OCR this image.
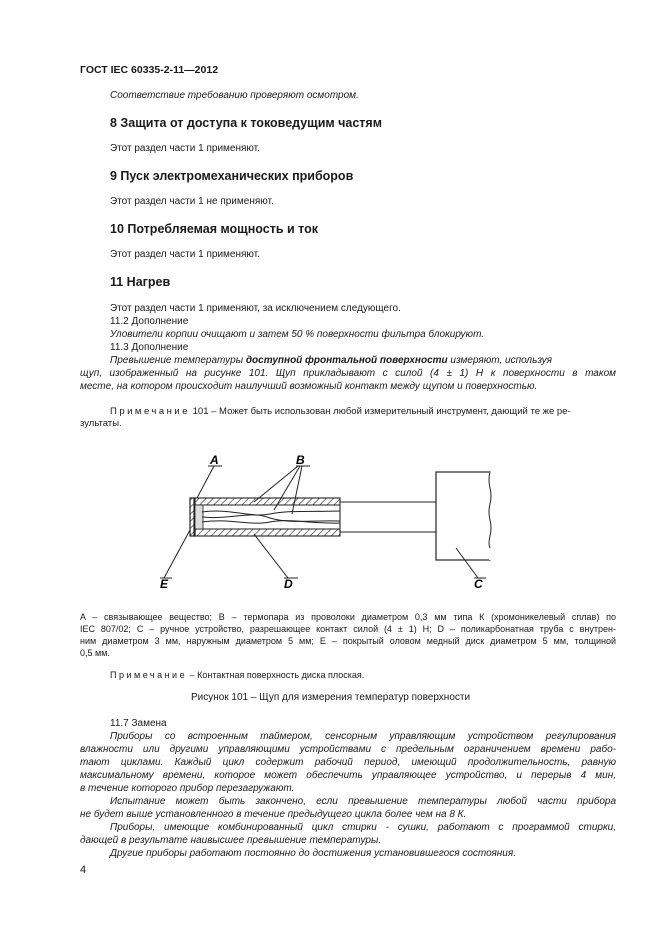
ГОСТ IEC 60335-2-11—2012
Соответствие требованию проверяют осмотром.
8 Защита от доступа к токоведущим частям
Этот раздел части 1 применяют.
9 Пуск электромеханических приборов
Этот раздел части 1 не применяют.
10 Потребляемая мощность и ток
Этот раздел части 1 применяют.
11 Нагрев
Этот раздел части 1 применяют, за исключением следующего.
11.2 Дополнение
Уловители корпии очищают и затем 50 % поверхности фильтра блокируют.
11.3 Дополнение
Превышение температуры доступной фронтальной поверхности измеряют, используя
щуп, изображенный на рисунке 101. Щуп прикладывают с силой (4 ± 1) Н к поверхности в таком
месте, на котором происходит наилучший возможный контакт между щупом и поверхностью.
Примечание 101 – Может быть использован любой измерительный инструмент, дающий те же ре-
зультаты.
A	B
E	D	C
A – связывающее вещество; B – термопара из проволоки диаметром 0,3 мм типа К (хромоникелевый сплав) по
IEC 807/02; C – ручное устройство, разрешающее контакт силой (4 ± 1) Н; D – поликарбонатная труба с внутрен-
ним диаметром 3 мм, наружным диаметром 5 мм; E – покрытый оловом медный диск диаметром 5 мм, толщиной
0,5 мм.
Примечание – Контактная поверхность диска плоская.
Рисунок 101 – Щуп для измерения температур поверхности
11.7 Замена
Приборы со встроенным таймером, сенсорным управляющим устройством регулирования
влажности или другими управляющими устройствами с предельным ограничением времени рабо-
тают циклами. Каждый цикл содержит рабочий период, имеющий продолжительность, равную
максимальному времени, которое может обеспечить управляющее устройство, и перерыв 4 мин,
в течение которого прибор перезагружают.
Испытание может быть закончено, если превышение температуры любой части прибора
не будет выше установленного в течение предыдущего цикла более чем на 8 К.
Приборы, имеющие комбинированный цикл стирки - сушки, работают с программой стирки,
дающей в результате наивысшее превышение температуры.
Другие приборы работают постоянно до достижения установившегося состояния.
4
